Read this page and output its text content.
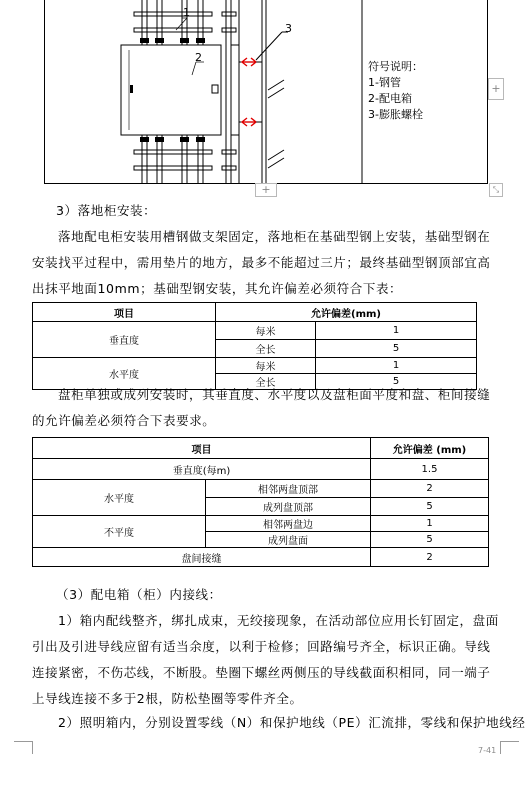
1
2
3
符号说明：
1-钢管
2-配电箱
3-膨胀螺栓
+
+	⤡
3）落地柜安装：
落地配电柜安装用槽钢做支架固定，落地柜在基础型钢上安装，基础型钢在安装找平过程中，需用垫片的地方，最多不能超过三片；最终基础型钢顶部宜高出抹平地面10mm；基础型钢安装，其允许偏差必须符合下表：
项目	允许偏差(mm)	
垂直度	每米	1
	全长	5
水平度	每米	1
	全长	5
盘柜单独或成列安装时，其垂直度、水平度以及盘柜面平度和盘、柜间接缝的允许偏差必须符合下表要求。
项目		允许偏差 (mm)
垂直度(每m)		1.5
水平度	相邻两盘顶部	2
	成列盘顶部	5
不平度	相邻两盘边	1
	成列盘面	5
盘间接缝		2
（3）配电箱（柜）内接线：
1）箱内配线整齐，绑扎成束，无绞接现象，在活动部位应用长钉固定，盘面引出及引进导线应留有适当余度，以利于检修；回路编号齐全，标识正确。导线连接紧密，不伤芯线，不断股。垫圈下螺丝两侧压的导线截面积相同，同一端子上导线连接不多于2根，防松垫圈等零件齐全。
2）照明箱内，分别设置零线（N）和保护地线（PE）汇流排，零线和保护地线经
7-41
